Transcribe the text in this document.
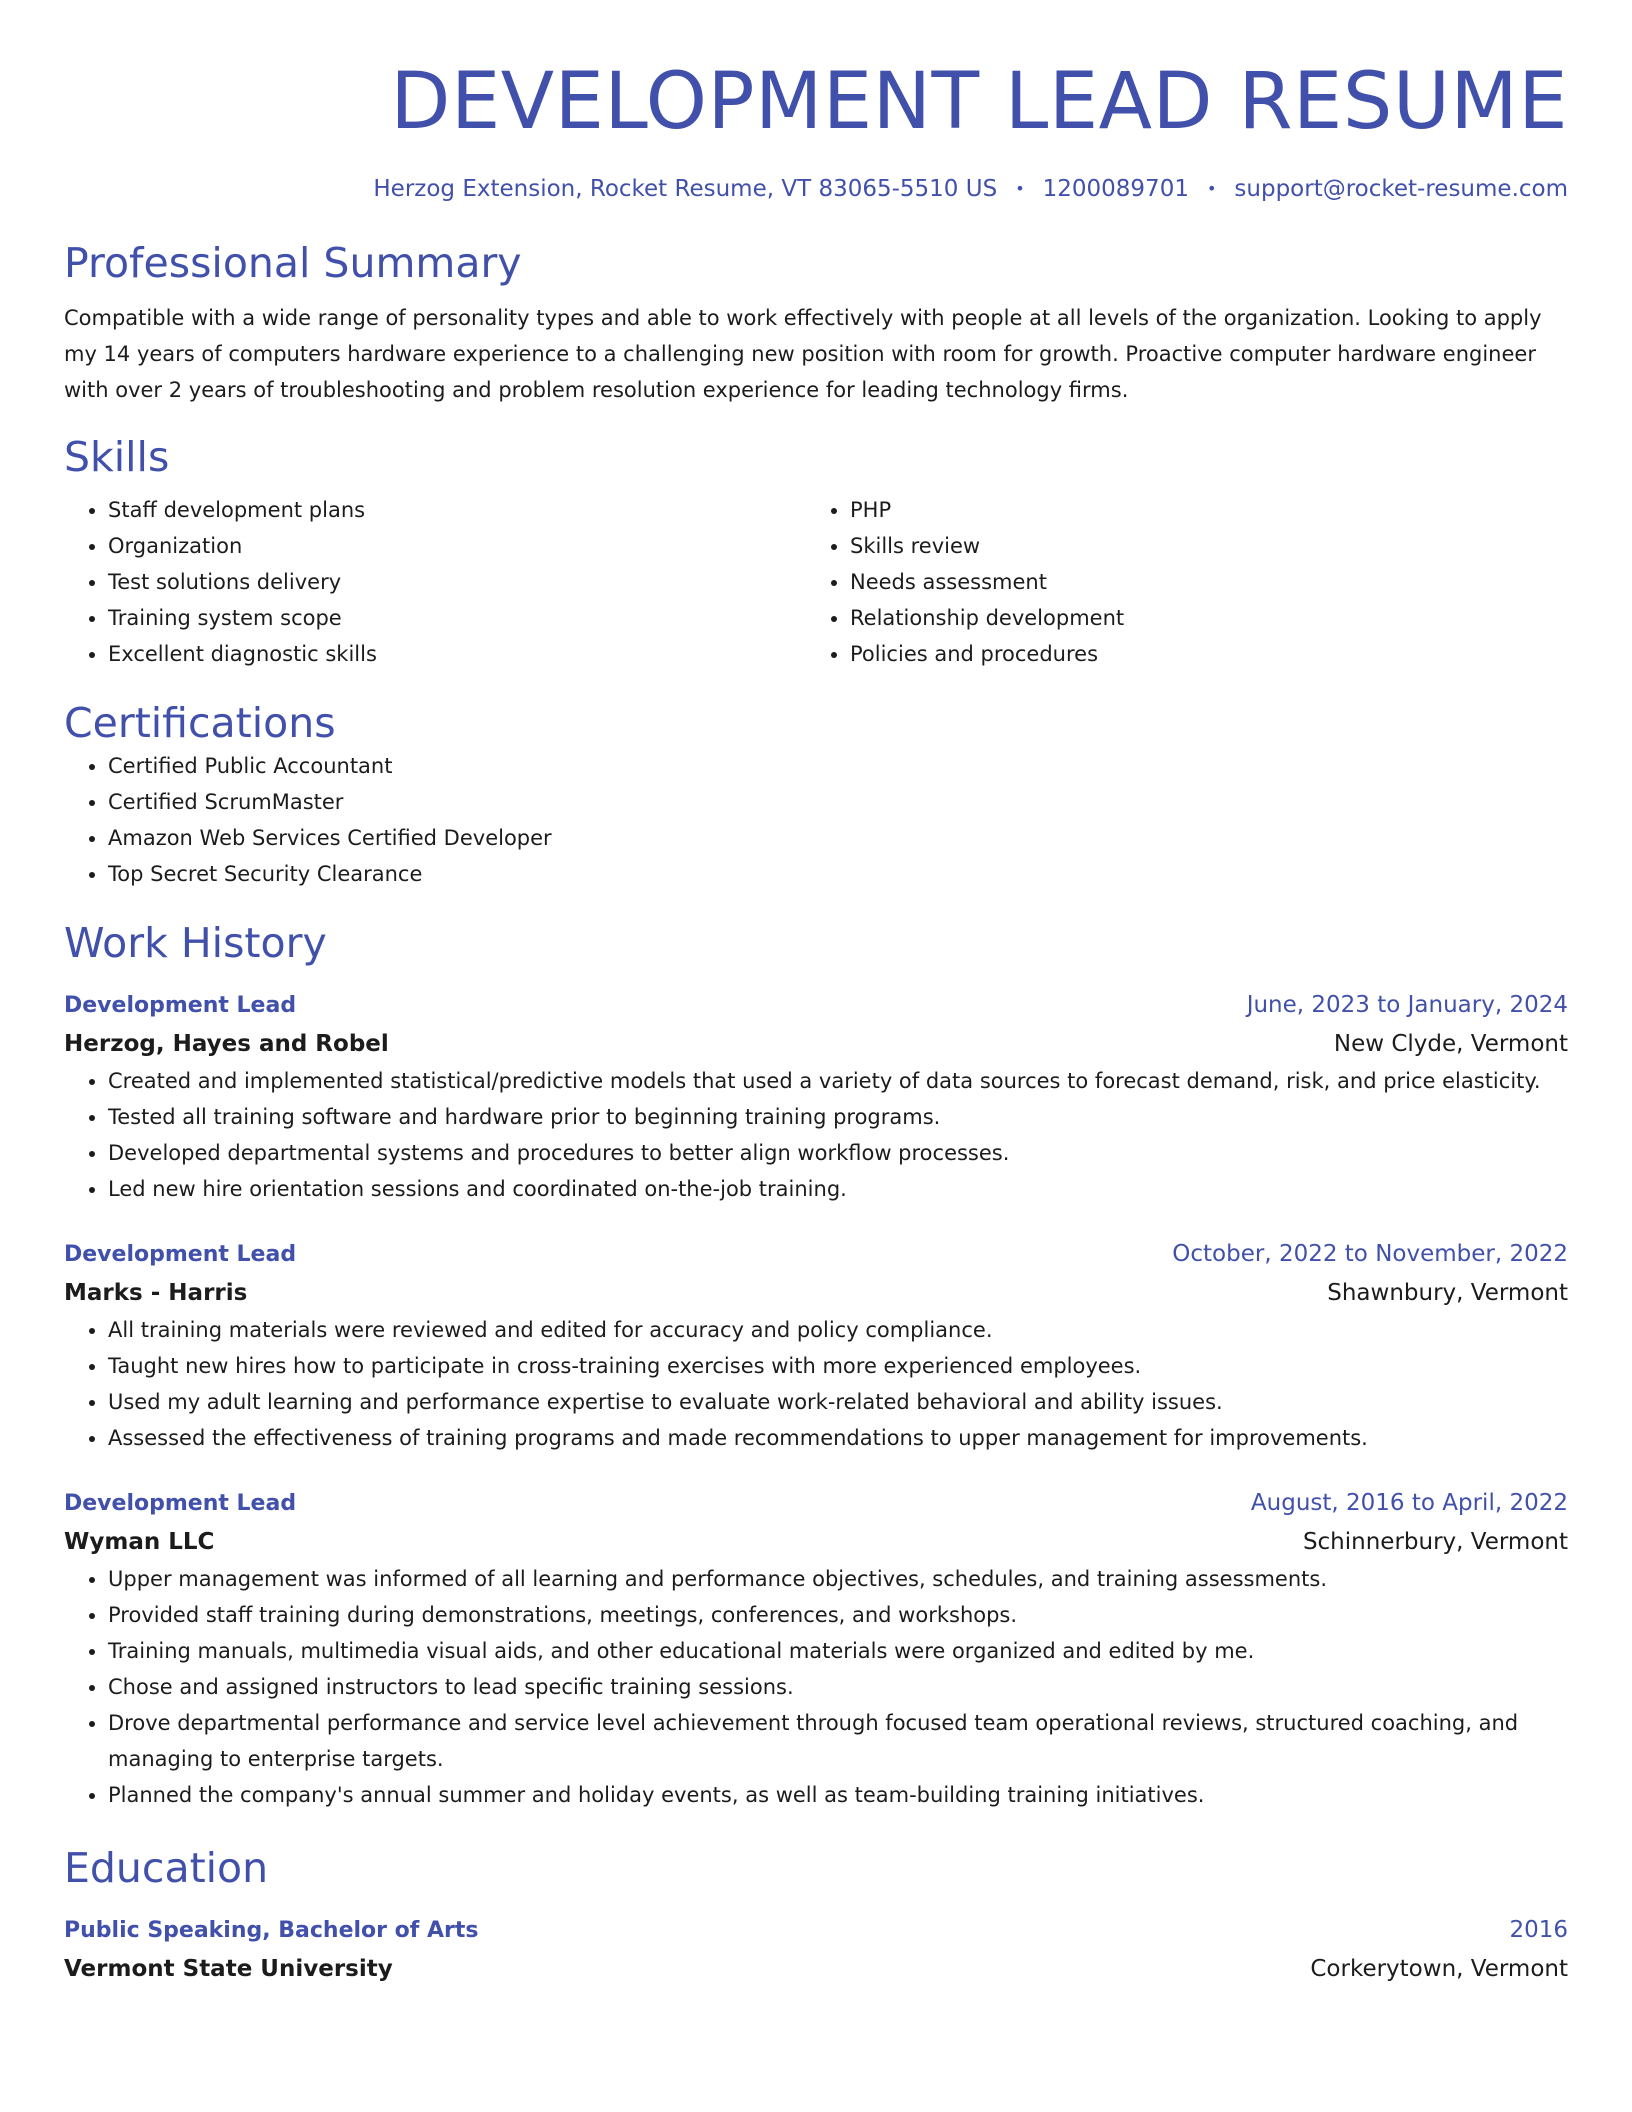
DEVELOPMENT LEAD RESUME
Herzog Extension, Rocket Resume, VT 83065-5510 US • 1200089701 • support@rocket-resume.com
Professional Summary
Compatible with a wide range of personality types and able to work effectively with people at all levels of the organization. Looking to apply my 14 years of computers hardware experience to a challenging new position with room for growth. Proactive computer hardware engineer with over 2 years of troubleshooting and problem resolution experience for leading technology firms.
Skills
• Staff development plans
• Organization
• Test solutions delivery
• Training system scope
• Excellent diagnostic skills
• PHP
• Skills review
• Needs assessment
• Relationship development
• Policies and procedures
Certifications
• Certified Public Accountant
• Certified ScrumMaster
• Amazon Web Services Certified Developer
• Top Secret Security Clearance
Work History
Development Lead	June, 2023 to January, 2024
Herzog, Hayes and Robel	New Clyde, Vermont
• Created and implemented statistical/predictive models that used a variety of data sources to forecast demand, risk, and price elasticity.
• Tested all training software and hardware prior to beginning training programs.
• Developed departmental systems and procedures to better align workflow processes.
• Led new hire orientation sessions and coordinated on-the-job training.
Development Lead	October, 2022 to November, 2022
Marks - Harris	Shawnbury, Vermont
• All training materials were reviewed and edited for accuracy and policy compliance.
• Taught new hires how to participate in cross-training exercises with more experienced employees.
• Used my adult learning and performance expertise to evaluate work-related behavioral and ability issues.
• Assessed the effectiveness of training programs and made recommendations to upper management for improvements.
Development Lead	August, 2016 to April, 2022
Wyman LLC	Schinnerbury, Vermont
• Upper management was informed of all learning and performance objectives, schedules, and training assessments.
• Provided staff training during demonstrations, meetings, conferences, and workshops.
• Training manuals, multimedia visual aids, and other educational materials were organized and edited by me.
• Chose and assigned instructors to lead specific training sessions.
• Drove departmental performance and service level achievement through focused team operational reviews, structured coaching, and managing to enterprise targets.
• Planned the company's annual summer and holiday events, as well as team-building training initiatives.
Education
Public Speaking, Bachelor of Arts	2016
Vermont State University	Corkerytown, Vermont
